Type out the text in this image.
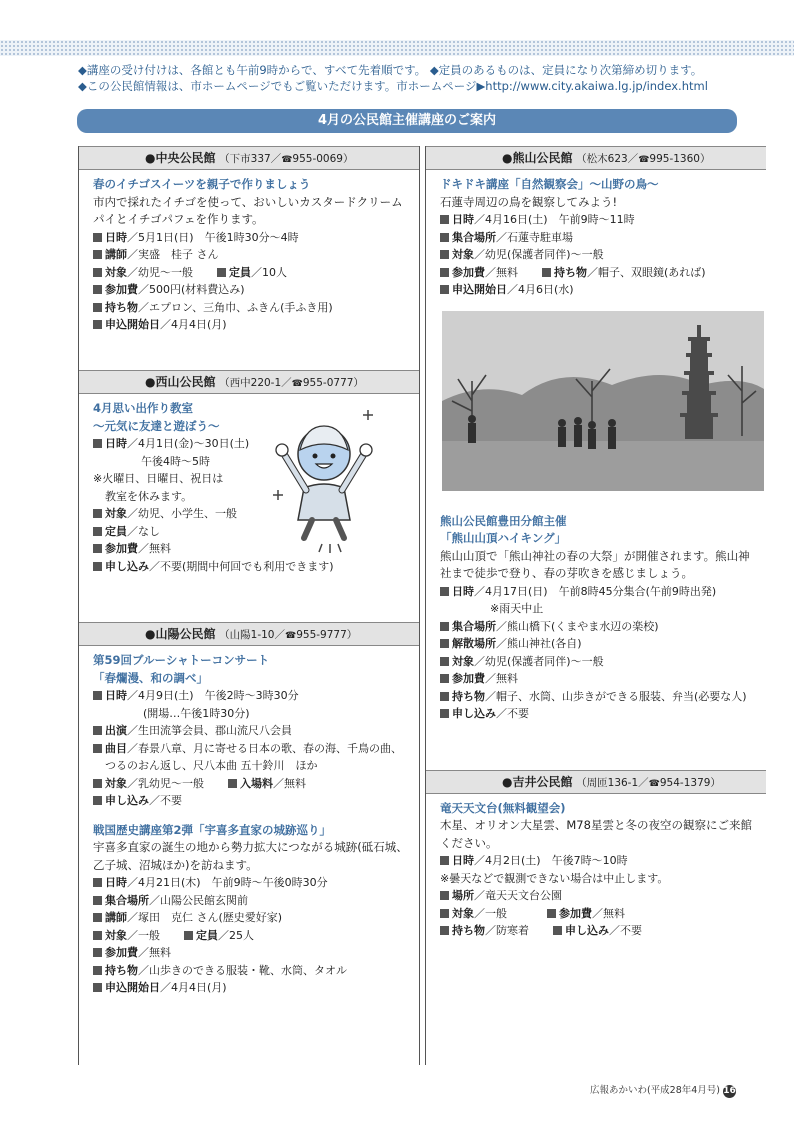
◆講座の受け付けは、各館とも午前9時からで、すべて先着順です。 ◆定員のあるものは、定員になり次第締め切ります。
◆この公民館情報は、市ホームページでもご覧いただけます。市ホームページ▶http://www.city.akaiwa.lg.jp/index.html
4月の公民館主催講座のご案内
●中央公民館 （下市337／☎955-0069）
春のイチゴスイーツを親子で作りましょう
市内で採れたイチゴを使って、おいしいカスタードクリームパイとイチゴパフェを作ります。
日時／5月1日(日)　午後1時30分～4時
講師／実盛　桂子 さん
対象／幼児～一般	定員／10人
参加費／500円(材料費込み)
持ち物／エプロン、三角巾、ふきん(手ふき用)
申込開始日／4月4日(月)
●西山公民館 （西中220-1／☎955-0777）
4月思い出作り教室
～元気に友達と遊ぼう～
日時／4月1日(金)～30日(土)
午後4時～5時
※火曜日、日曜日、祝日は
教室を休みます。
対象／幼児、小学生、一般
定員／なし
参加費／無料
申し込み／不要(期間中何回でも利用できます)
●山陽公民館 （山陽1-10／☎955-9777）
第59回ブルーシャトーコンサート
「春爛漫、和の調べ」
日時／4月9日(土)　午後2時～3時30分
(開場…午後1時30分)
出演／生田流箏会員、郡山流尺八会員
曲目／春景八章、月に寄せる日本の歌、春の海、千鳥の曲、つるのおん返し、尺八本曲 五十鈴川　ほか
対象／乳幼児～一般	入場料／無料
申し込み／不要
戦国歴史講座第2弾「宇喜多直家の城跡巡り」
宇喜多直家の誕生の地から勢力拡大につながる城跡(砥石城、乙子城、沼城ほか)を訪ねます。
日時／4月21日(木)　午前9時～午後0時30分
集合場所／山陽公民館玄関前
講師／塚田　克仁 さん(歴史愛好家)
対象／一般	定員／25人
参加費／無料
持ち物／山歩きのできる服装・靴、水筒、タオル
申込開始日／4月4日(月)
●熊山公民館 （松木623／☎995-1360）
ドキドキ講座「自然観察会」～山野の鳥～
石蓮寺周辺の鳥を観察してみよう!
日時／4月16日(土)　午前9時～11時
集合場所／石蓮寺駐車場
対象／幼児(保護者同伴)～一般
参加費／無料	持ち物／帽子、双眼鏡(あれば)
申込開始日／4月6日(水)
熊山公民館豊田分館主催
「熊山山頂ハイキング」
熊山山頂で「熊山神社の春の大祭」が開催されます。熊山神社まで徒歩で登り、春の芽吹きを感じましょう。
日時／4月17日(日)　午前8時45分集合(午前9時出発)
※雨天中止
集合場所／熊山橋下(くまやま水辺の楽校)
解散場所／熊山神社(各自)
対象／幼児(保護者同伴)～一般
参加費／無料
持ち物／帽子、水筒、山歩きができる服装、弁当(必要な人)
申し込み／不要
●吉井公民館 （周匝136-1／☎954-1379）
竜天天文台(無料観望会)
木星、オリオン大星雲、M78星雲と冬の夜空の観察にご来館ください。
日時／4月2日(土)　午後7時～10時
※曇天などで観測できない場合は中止します。
場所／竜天天文台公園
対象／一般	参加費／無料
持ち物／防寒着	申し込み／不要
広報あかいわ(平成28年4月号) 16
